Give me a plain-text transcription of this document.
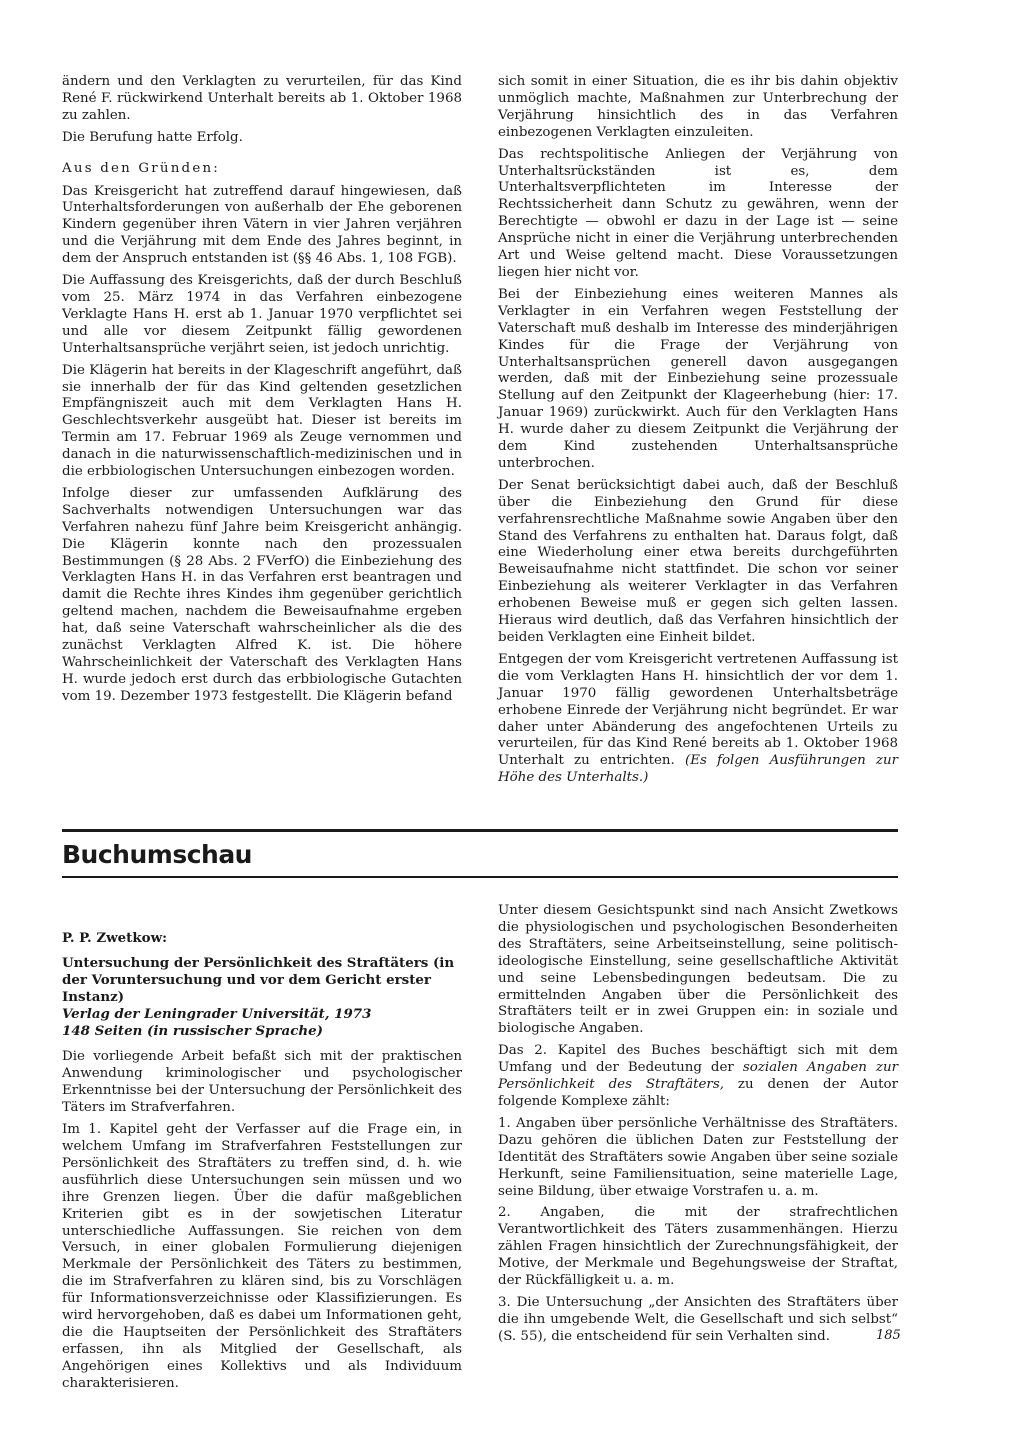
ändern und den Verklagten zu verurteilen, für das Kind René F. rückwirkend Unterhalt bereits ab 1. Oktober 1968 zu zahlen.

Die Berufung hatte Erfolg.

Aus den Gründen:

Das Kreisgericht hat zutreffend darauf hingewiesen, daß Unterhaltsforderungen von außerhalb der Ehe geborenen Kindern gegenüber ihren Vätern in vier Jahren verjähren und die Verjährung mit dem Ende des Jahres beginnt, in dem der Anspruch entstanden ist (§§ 46 Abs. 1, 108 FGB).

Die Auffassung des Kreisgerichts, daß der durch Beschluß vom 25. März 1974 in das Verfahren einbezogene Verklagte Hans H. erst ab 1. Januar 1970 verpflichtet sei und alle vor diesem Zeitpunkt fällig gewordenen Unterhaltsansprüche verjährt seien, ist jedoch unrichtig.

Die Klägerin hat bereits in der Klageschrift angeführt, daß sie innerhalb der für das Kind geltenden gesetzlichen Empfängniszeit auch mit dem Verklagten Hans H. Geschlechtsverkehr ausgeübt hat. Dieser ist bereits im Termin am 17. Februar 1969 als Zeuge vernommen und danach in die naturwissenschaftlich-medizinischen und in die erbbiologischen Untersuchungen einbezogen worden.

Infolge dieser zur umfassenden Aufklärung des Sachverhalts notwendigen Untersuchungen war das Verfahren nahezu fünf Jahre beim Kreisgericht anhängig. Die Klägerin konnte nach den prozessualen Bestimmungen (§ 28 Abs. 2 FVerfO) die Einbeziehung des Verklagten Hans H. in das Verfahren erst beantragen und damit die Rechte ihres Kindes ihm gegenüber gerichtlich geltend machen, nachdem die Beweisaufnahme ergeben hat, daß seine Vaterschaft wahrscheinlicher als die des zunächst Verklagten Alfred K. ist. Die höhere Wahrscheinlichkeit der Vaterschaft des Verklagten Hans H. wurde jedoch erst durch das erbbiologische Gutachten vom 19. Dezember 1973 festgestellt. Die Klägerin befand

sich somit in einer Situation, die es ihr bis dahin objektiv unmöglich machte, Maßnahmen zur Unterbrechung der Verjährung hinsichtlich des in das Verfahren einbezogenen Verklagten einzuleiten.

Das rechtspolitische Anliegen der Verjährung von Unterhaltsrückständen ist es, dem Unterhaltsverpflichteten im Interesse der Rechtssicherheit dann Schutz zu gewähren, wenn der Berechtigte — obwohl er dazu in der Lage ist — seine Ansprüche nicht in einer die Verjährung unterbrechenden Art und Weise geltend macht. Diese Voraussetzungen liegen hier nicht vor.

Bei der Einbeziehung eines weiteren Mannes als Verklagter in ein Verfahren wegen Feststellung der Vaterschaft muß deshalb im Interesse des minderjährigen Kindes für die Frage der Verjährung von Unterhaltsansprüchen generell davon ausgegangen werden, daß mit der Einbeziehung seine prozessuale Stellung auf den Zeitpunkt der Klageerhebung (hier: 17. Januar 1969) zurückwirkt. Auch für den Verklagten Hans H. wurde daher zu diesem Zeitpunkt die Verjährung der dem Kind zustehenden Unterhaltsansprüche unterbrochen.

Der Senat berücksichtigt dabei auch, daß der Beschluß über die Einbeziehung den Grund für diese verfahrensrechtliche Maßnahme sowie Angaben über den Stand des Verfahrens zu enthalten hat. Daraus folgt, daß eine Wiederholung einer etwa bereits durchgeführten Beweisaufnahme nicht stattfindet. Die schon vor seiner Einbeziehung als weiterer Verklagter in das Verfahren erhobenen Beweise muß er gegen sich gelten lassen. Hieraus wird deutlich, daß das Verfahren hinsichtlich der beiden Verklagten eine Einheit bildet.

Entgegen der vom Kreisgericht vertretenen Auffassung ist die vom Verklagten Hans H. hinsichtlich der vor dem 1. Januar 1970 fällig gewordenen Unterhaltsbeträge erhobene Einrede der Verjährung nicht begründet. Er war daher unter Abänderung des angefochtenen Urteils zu verurteilen, für das Kind René bereits ab 1. Oktober 1968 Unterhalt zu entrichten. (Es folgen Ausführungen zur Höhe des Unterhalts.)

Buchumschau

P. P. Zwetkow:

Untersuchung der Persönlichkeit des Straftäters (in der Voruntersuchung und vor dem Gericht erster Instanz)

Verlag der Leningrader Universität, 1973

148 Seiten (in russischer Sprache)

Die vorliegende Arbeit befaßt sich mit der praktischen Anwendung kriminologischer und psychologischer Erkenntnisse bei der Untersuchung der Persönlichkeit des Täters im Strafverfahren.

Im 1. Kapitel geht der Verfasser auf die Frage ein, in welchem Umfang im Strafverfahren Feststellungen zur Persönlichkeit des Straftäters zu treffen sind, d. h. wie ausführlich diese Untersuchungen sein müssen und wo ihre Grenzen liegen. Über die dafür maßgeblichen Kriterien gibt es in der sowjetischen Literatur unterschiedliche Auffassungen. Sie reichen von dem Versuch, in einer globalen Formulierung diejenigen Merkmale der Persönlichkeit des Täters zu bestimmen, die im Strafverfahren zu klären sind, bis zu Vorschlägen für Informationsverzeichnisse oder Klassifizierungen. Es wird hervorgehoben, daß es dabei um Informationen geht, die die Hauptseiten der Persönlichkeit des Straftäters erfassen, ihn als Mitglied der Gesellschaft, als Angehörigen eines Kollektivs und als Individuum charakterisieren.

Unter diesem Gesichtspunkt sind nach Ansicht Zwetkows die physiologischen und psychologischen Besonderheiten des Straftäters, seine Arbeitseinstellung, seine politisch-ideologische Einstellung, seine gesellschaftliche Aktivität und seine Lebensbedingungen bedeutsam. Die zu ermittelnden Angaben über die Persönlichkeit des Straftäters teilt er in zwei Gruppen ein: in soziale und biologische Angaben.

Das 2. Kapitel des Buches beschäftigt sich mit dem Umfang und der Bedeutung der sozialen Angaben zur Persönlichkeit des Straftäters, zu denen der Autor folgende Komplexe zählt:

1. Angaben über persönliche Verhältnisse des Straftäters. Dazu gehören die üblichen Daten zur Feststellung der Identität des Straftäters sowie Angaben über seine soziale Herkunft, seine Familiensituation, seine materielle Lage, seine Bildung, über etwaige Vorstrafen u. a. m.

2. Angaben, die mit der strafrechtlichen Verantwortlichkeit des Täters zusammenhängen. Hierzu zählen Fragen hinsichtlich der Zurechnungsfähigkeit, der Motive, der Merkmale und Begehungsweise der Straftat, der Rückfälligkeit u. a. m.

3. Die Untersuchung „der Ansichten des Straftäters über die ihn umgebende Welt, die Gesellschaft und sich selbst“ (S. 55), die entscheidend für sein Verhalten sind.	185
